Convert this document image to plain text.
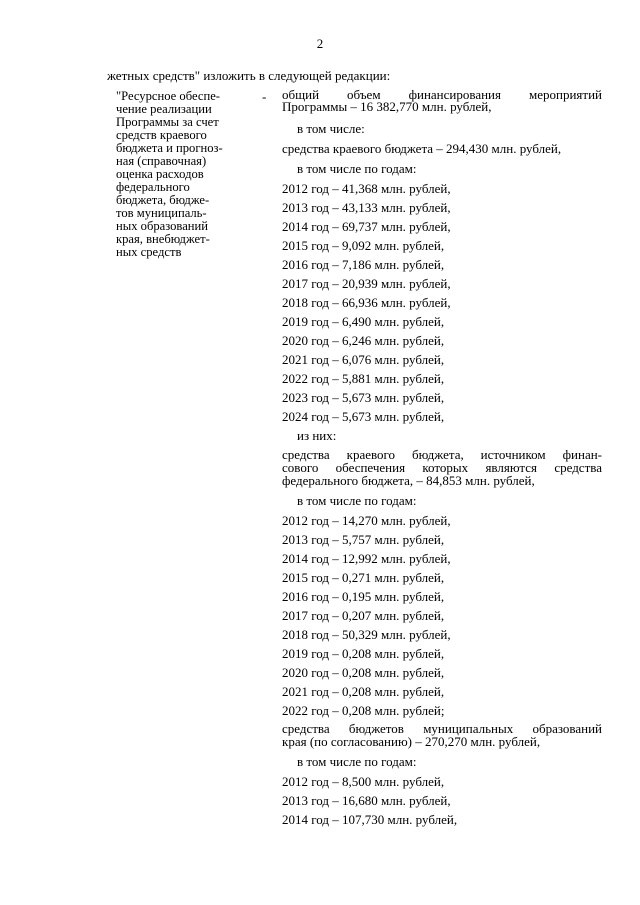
2
жетных средств" изложить в следующей редакции:
"Ресурсное обеспе-
чение реализации
Программы за счет
средств краевого
бюджета и прогноз-
ная (справочная)
оценка расходов
федерального
бюджета, бюдже-
тов муниципаль-
ных образований
края, внебюджет-
ных средств
- общий объем финансирования мероприятий
Программы – 16 382,770 млн. рублей,
в том числе:
средства краевого бюджета – 294,430 млн. рублей,
в том числе по годам:
2012 год – 41,368 млн. рублей,
2013 год – 43,133 млн. рублей,
2014 год – 69,737 млн. рублей,
2015 год – 9,092 млн. рублей,
2016 год – 7,186 млн. рублей,
2017 год – 20,939 млн. рублей,
2018 год – 66,936 млн. рублей,
2019 год – 6,490 млн. рублей,
2020 год – 6,246 млн. рублей,
2021 год – 6,076 млн. рублей,
2022 год – 5,881 млн. рублей,
2023 год – 5,673 млн. рублей,
2024 год – 5,673 млн. рублей,
из них:
средства краевого бюджета, источником финан-
сового обеспечения которых являются средства
федерального бюджета, – 84,853 млн. рублей,
в том числе по годам:
2012 год – 14,270 млн. рублей,
2013 год – 5,757 млн. рублей,
2014 год – 12,992 млн. рублей,
2015 год – 0,271 млн. рублей,
2016 год – 0,195 млн. рублей,
2017 год – 0,207 млн. рублей,
2018 год – 50,329 млн. рублей,
2019 год – 0,208 млн. рублей,
2020 год – 0,208 млн. рублей,
2021 год – 0,208 млн. рублей,
2022 год – 0,208 млн. рублей;
средства бюджетов муниципальных образований
края (по согласованию) – 270,270 млн. рублей,
в том числе по годам:
2012 год – 8,500 млн. рублей,
2013 год – 16,680 млн. рублей,
2014 год – 107,730 млн. рублей,
